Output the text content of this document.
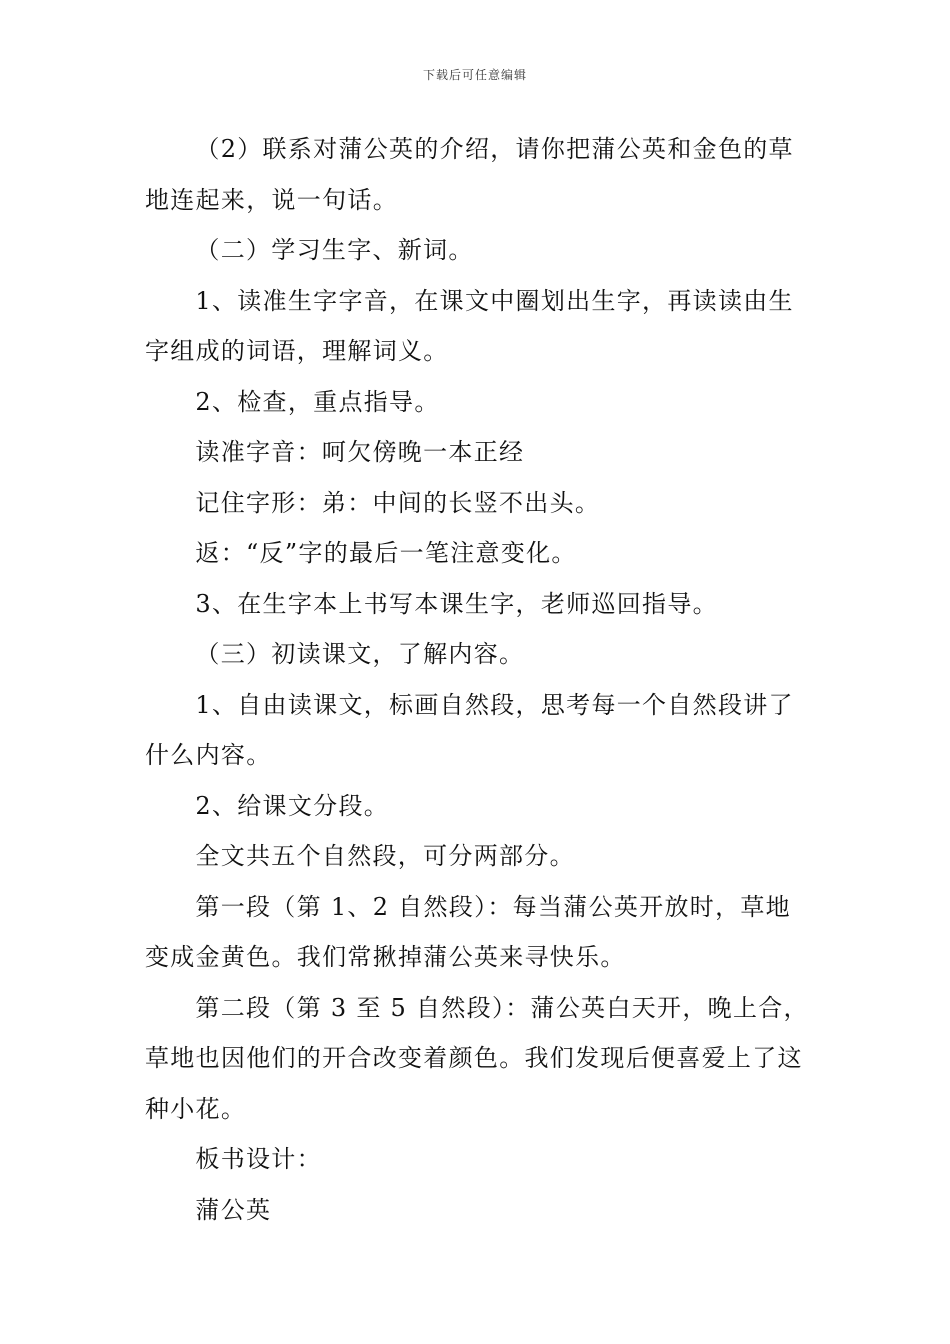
下载后可任意编辑

（2）联系对蒲公英的介绍，请你把蒲公英和金色的草地连起来，说一句话。

（二）学习生字、新词。

1、读准生字字音，在课文中圈划出生字，再读读由生字组成的词语，理解词义。

2、检查，重点指导。

读准字音：呵欠傍晚一本正经

记住字形：弟：中间的长竖不出头。

返：“反”字的最后一笔注意变化。

3、在生字本上书写本课生字，老师巡回指导。

（三）初读课文，了解内容。

1、自由读课文，标画自然段，思考每一个自然段讲了什么内容。

2、给课文分段。

全文共五个自然段，可分两部分。

第一段（第 1、2 自然段）：每当蒲公英开放时，草地变成金黄色。我们常揪掉蒲公英来寻快乐。

第二段（第 3 至 5 自然段）：蒲公英白天开，晚上合，草地也因他们的开合改变着颜色。我们发现后便喜爱上了这种小花。

板书设计：

蒲公英
